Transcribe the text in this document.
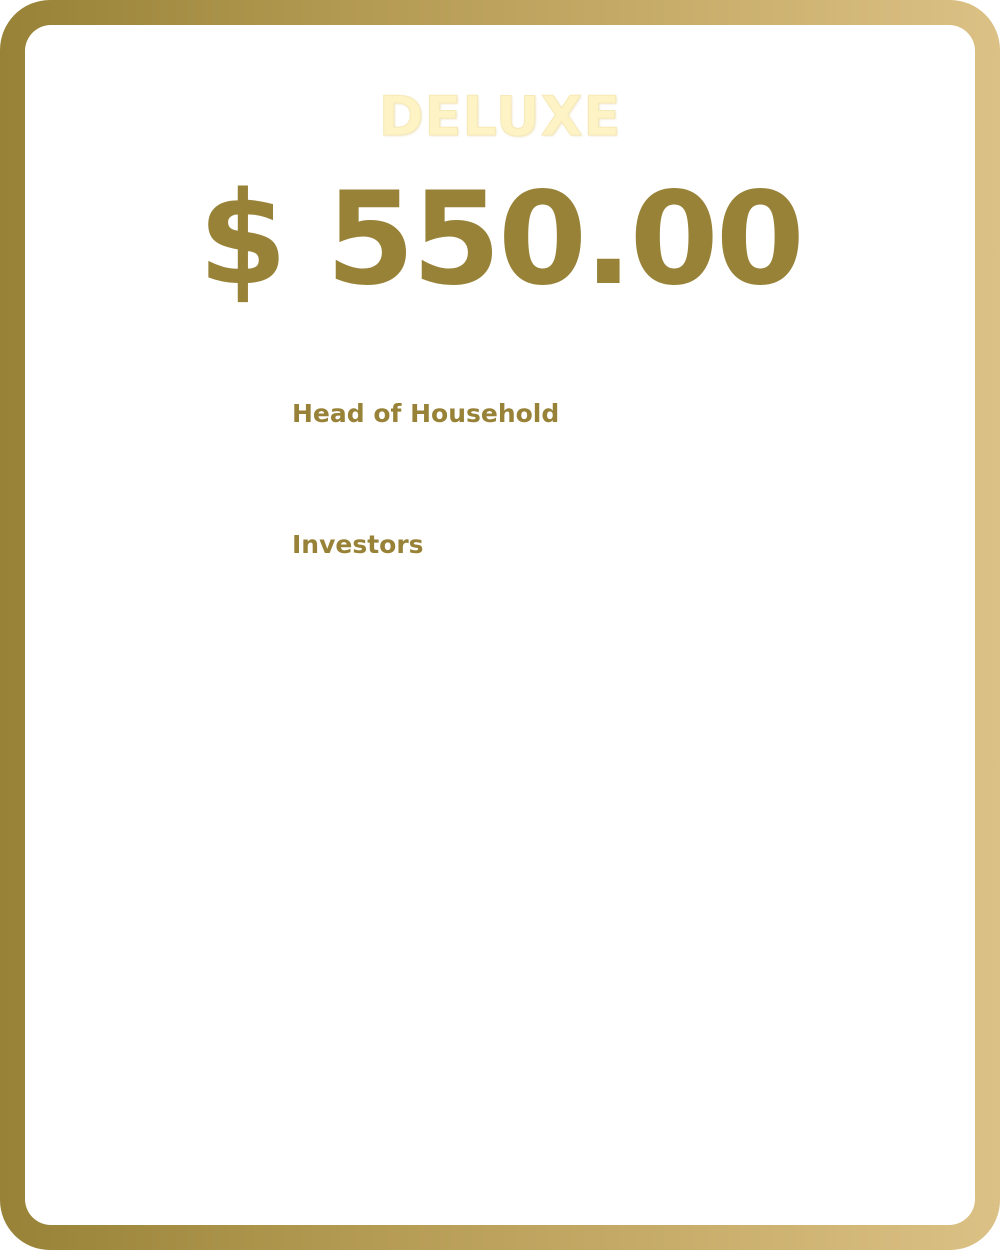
DELUXE
$ 550.00
Head of Household
Investors
